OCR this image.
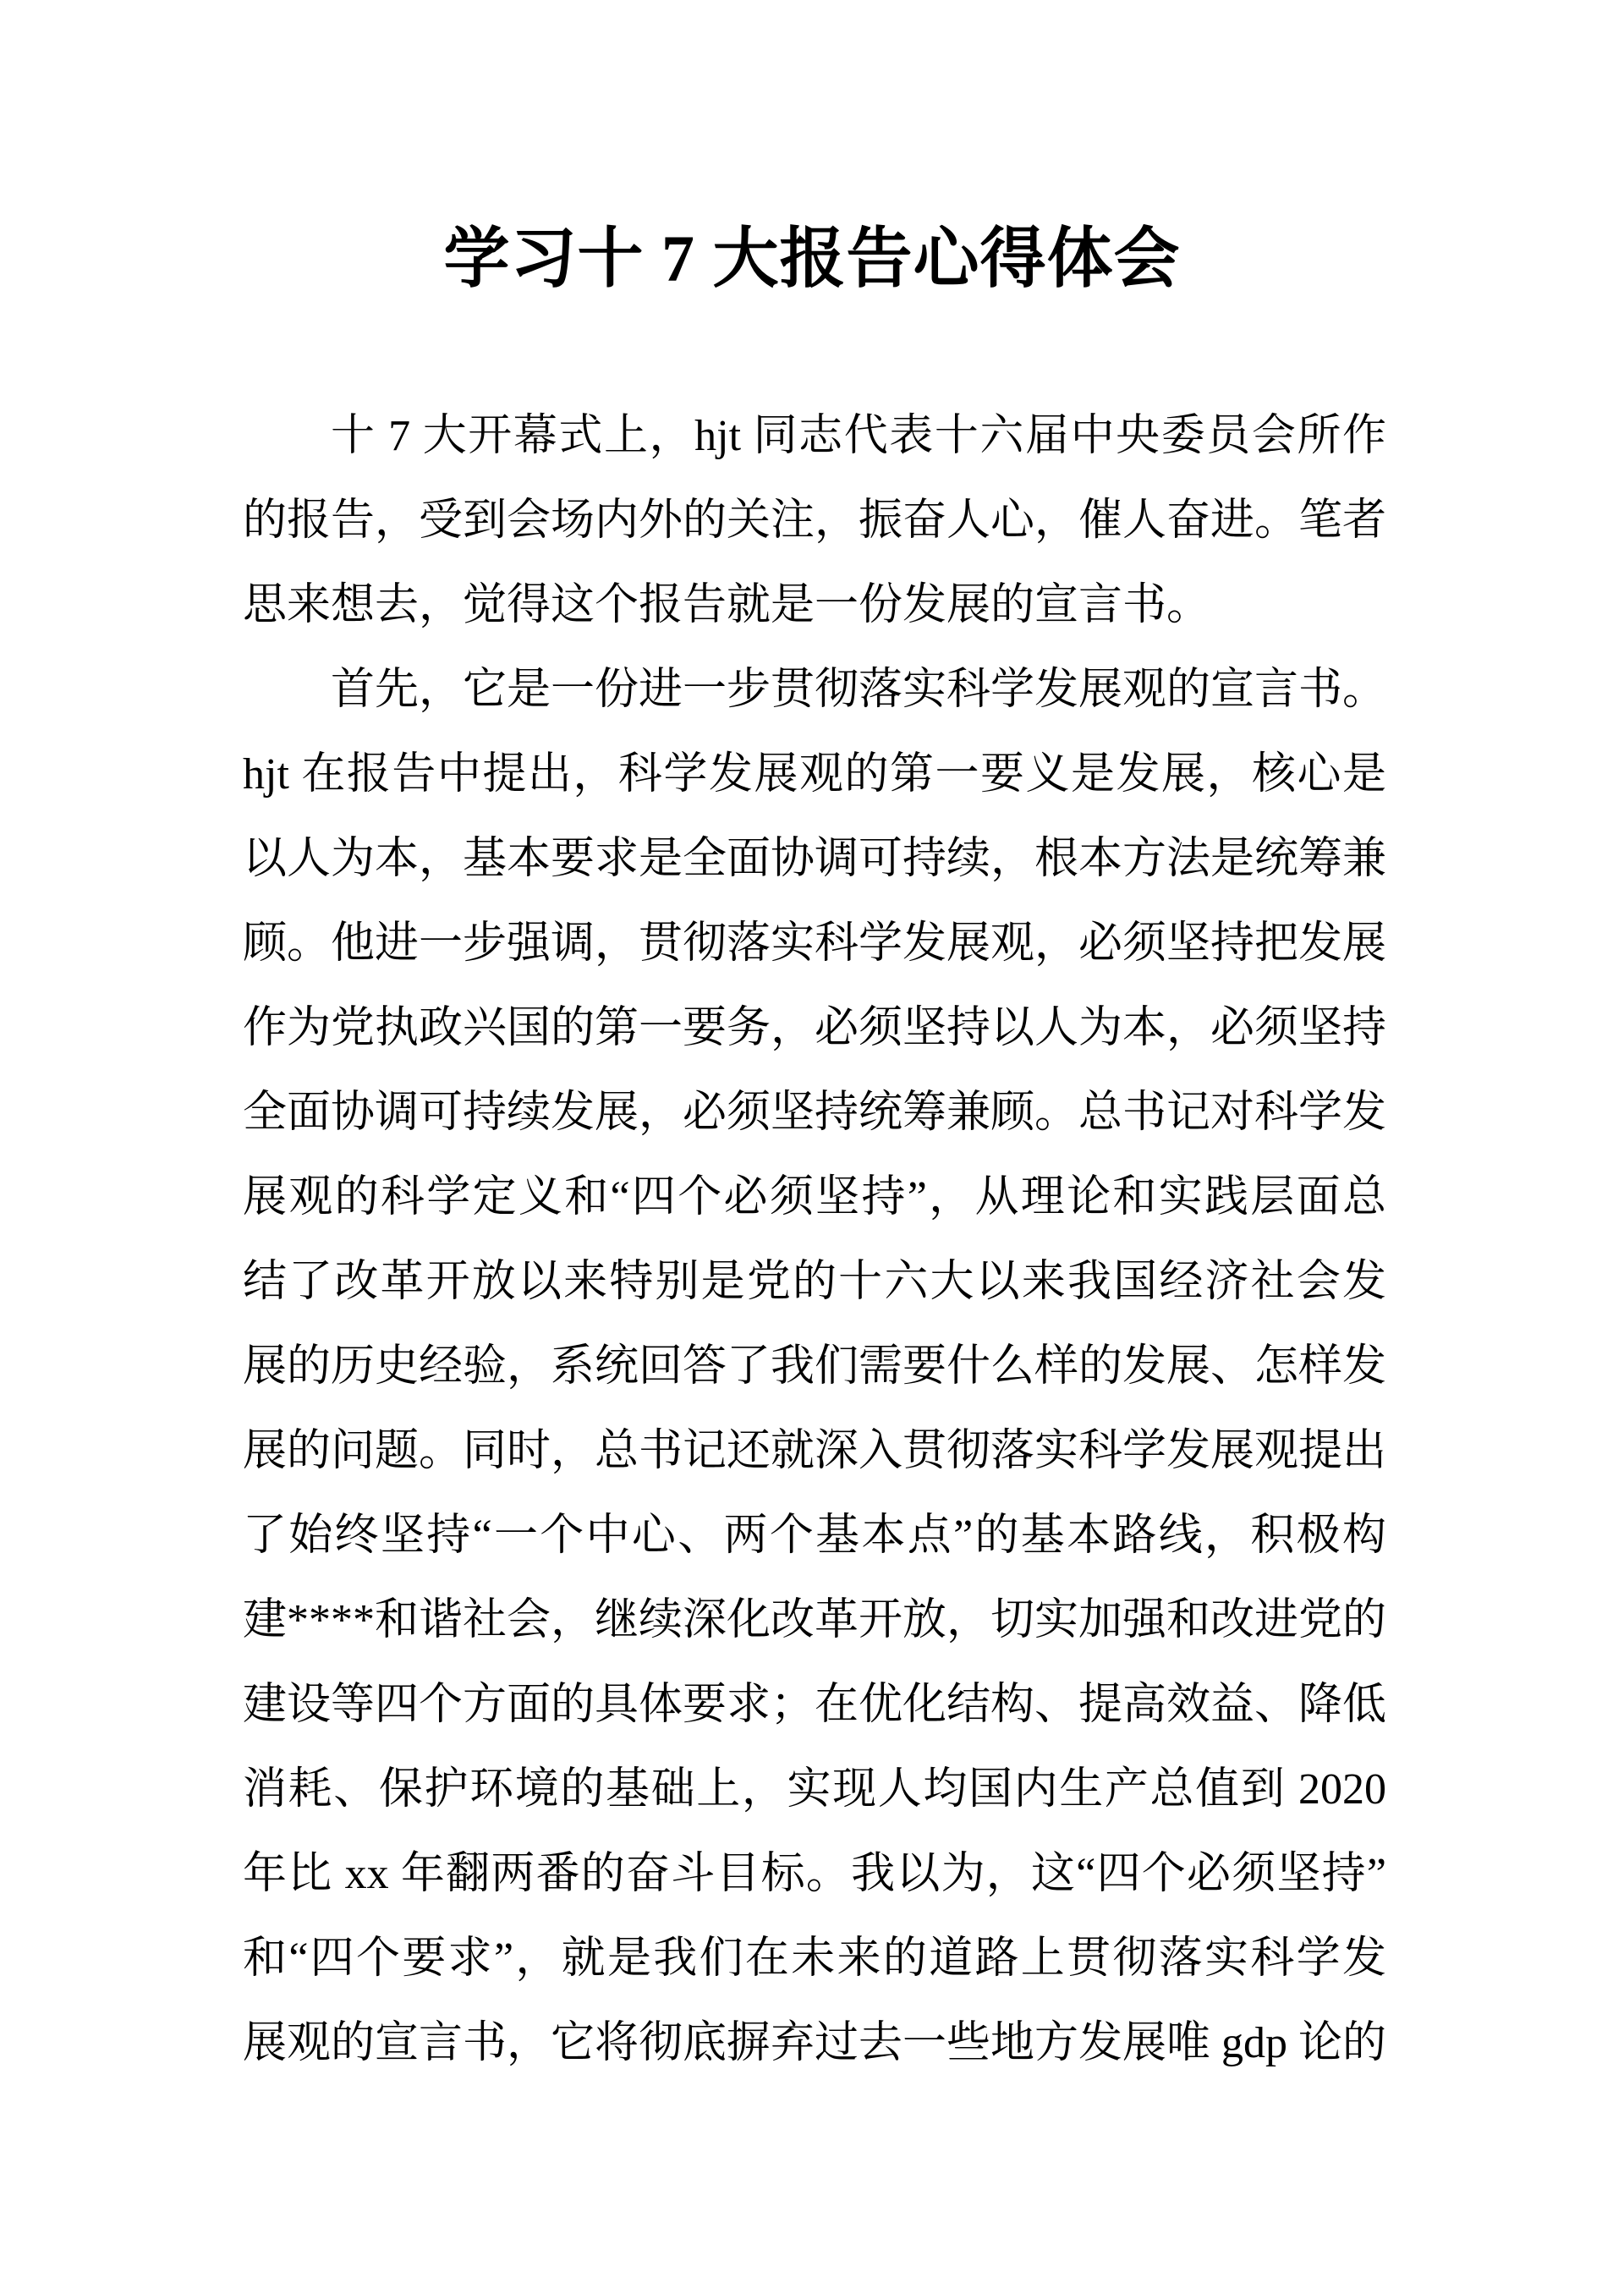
学习十 7 大报告心得体会
十 7 大开幕式上，hjt 同志代表十六届中央委员会所作
的报告，受到会场内外的关注，振奋人心，催人奋进。笔者
思来想去，觉得这个报告就是一份发展的宣言书。
首先，它是一份进一步贯彻落实科学发展观的宣言书。
hjt 在报告中提出，科学发展观的第一要义是发展，核心是
以人为本，基本要求是全面协调可持续，根本方法是统筹兼
顾。他进一步强调，贯彻落实科学发展观，必须坚持把发展
作为党执政兴国的第一要务，必须坚持以人为本，必须坚持
全面协调可持续发展，必须坚持统筹兼顾。总书记对科学发
展观的科学定义和“四个必须坚持”，从理论和实践层面总
结了改革开放以来特别是党的十六大以来我国经济社会发
展的历史经验，系统回答了我们需要什么样的发展、怎样发
展的问题。同时，总书记还就深入贯彻落实科学发展观提出
了始终坚持“一个中心、两个基本点”的基本路线，积极构
建****和谐社会，继续深化改革开放，切实加强和改进党的
建设等四个方面的具体要求；在优化结构、提高效益、降低
消耗、保护环境的基础上，实现人均国内生产总值到 2020
年比 xx 年翻两番的奋斗目标。我以为，这“四个必须坚持”
和“四个要求”，就是我们在未来的道路上贯彻落实科学发
展观的宣言书，它将彻底摒弃过去一些地方发展唯 gdp 论的
